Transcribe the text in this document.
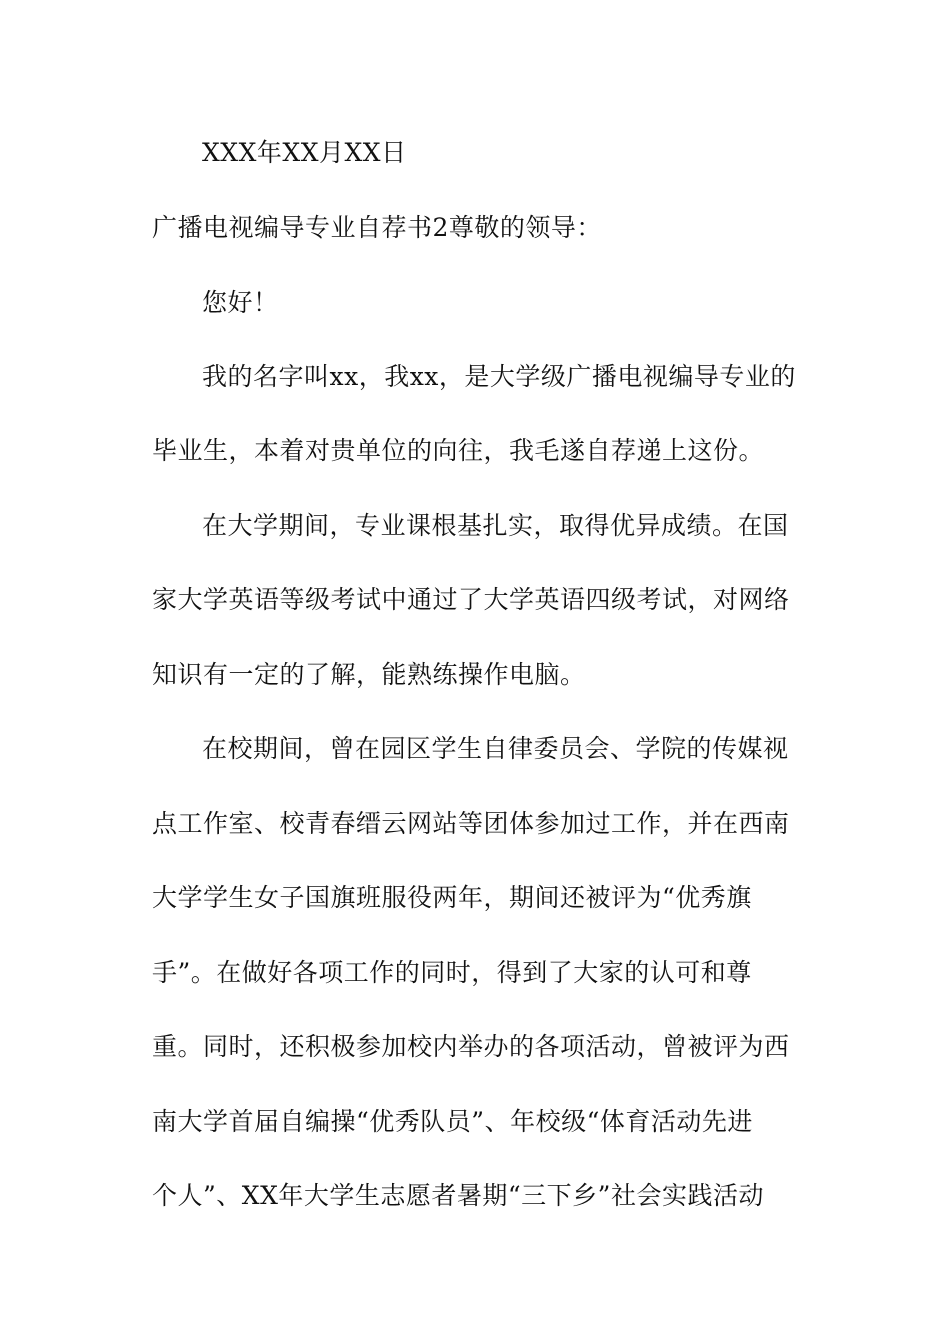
XXX年XX月XX日
广播电视编导专业自荐书2尊敬的领导：
您好！
我的名字叫xx，我xx，是大学级广播电视编导专业的
毕业生，本着对贵单位的向往，我毛遂自荐递上这份。
在大学期间，专业课根基扎实，取得优异成绩。在国
家大学英语等级考试中通过了大学英语四级考试，对网络
知识有一定的了解，能熟练操作电脑。
在校期间，曾在园区学生自律委员会、学院的传媒视
点工作室、校青春缙云网站等团体参加过工作，并在西南
大学学生女子国旗班服役两年，期间还被评为“优秀旗
手”。在做好各项工作的同时，得到了大家的认可和尊
重。同时，还积极参加校内举办的各项活动，曾被评为西
南大学首届自编操“优秀队员”、年校级“体育活动先进
个人”、XX年大学生志愿者暑期“三下乡”社会实践活动
